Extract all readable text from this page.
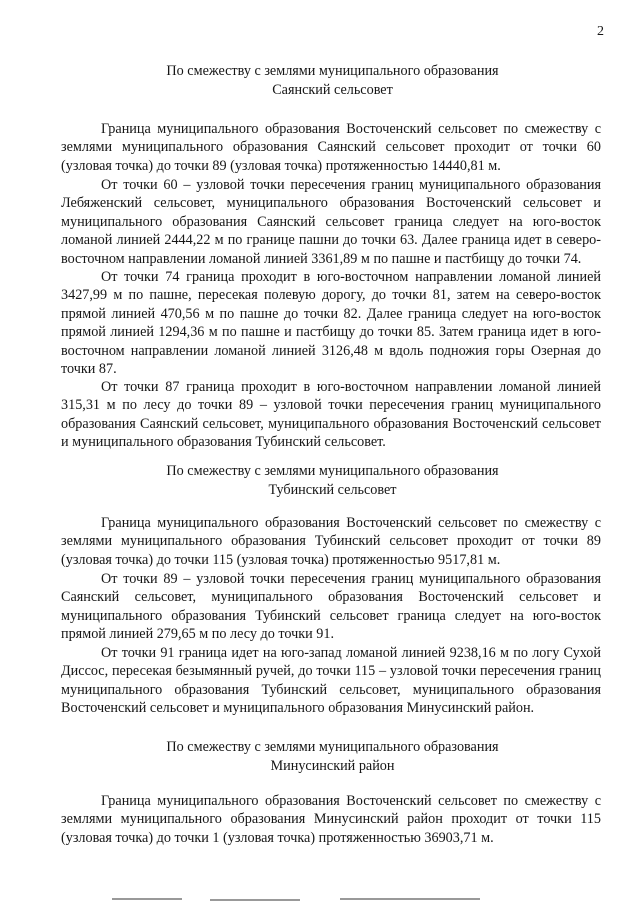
2
По смежеству с землями муниципального образования
Саянский сельсовет

Граница муниципального образования Восточенский сельсовет по смежеству с землями муниципального образования Саянский сельсовет проходит от точки 60 (узловая точка) до точки 89 (узловая точка) протяженностью 14440,81 м.

От точки 60 – узловой точки пересечения границ муниципального образования Лебяженский сельсовет, муниципального образования Восточенский сельсовет и муниципального образования Саянский сельсовет граница следует на юго-восток ломаной линией 2444,22 м по границе пашни до точки 63. Далее граница идет в северо-восточном направлении ломаной линией 3361,89 м по пашне и пастбищу до точки 74.

От точки 74 граница проходит в юго-восточном направлении ломаной линией 3427,99 м по пашне, пересекая полевую дорогу, до точки 81, затем на северо-восток прямой линией 470,56 м по пашне до точки 82. Далее граница следует на юго-восток прямой линией 1294,36 м по пашне и пастбищу до точки 85. Затем граница идет в юго-восточном направлении ломаной линией 3126,48 м вдоль подножия горы Озерная до точки 87.

От точки 87 граница проходит в юго-восточном направлении ломаной линией 315,31 м по лесу до точки 89 – узловой точки пересечения границ муниципального образования Саянский сельсовет, муниципального образования Восточенский сельсовет и муниципального образования Тубинский сельсовет.

По смежеству с землями муниципального образования
Тубинский сельсовет

Граница муниципального образования Восточенский сельсовет по смежеству с землями муниципального образования Тубинский сельсовет проходит от точки 89 (узловая точка) до точки 115 (узловая точка) протяженностью 9517,81 м.

От точки 89 – узловой точки пересечения границ муниципального образования Саянский сельсовет, муниципального образования Восточенский сельсовет и муниципального образования Тубинский сельсовет граница следует на юго-восток прямой линией 279,65 м по лесу до точки 91.

От точки 91 граница идет на юго-запад ломаной линией 9238,16 м по логу Сухой Диссос, пересекая безымянный ручей, до точки 115 – узловой точки пересечения границ муниципального образования Тубинский сельсовет, муниципального образования Восточенский сельсовет и муниципального образования Минусинский район.

По смежеству с землями муниципального образования
Минусинский район

Граница муниципального образования Восточенский сельсовет по смежеству с землями муниципального образования Минусинский район проходит от точки 115 (узловая точка) до точки 1 (узловая точка) протяженностью 36903,71 м.
